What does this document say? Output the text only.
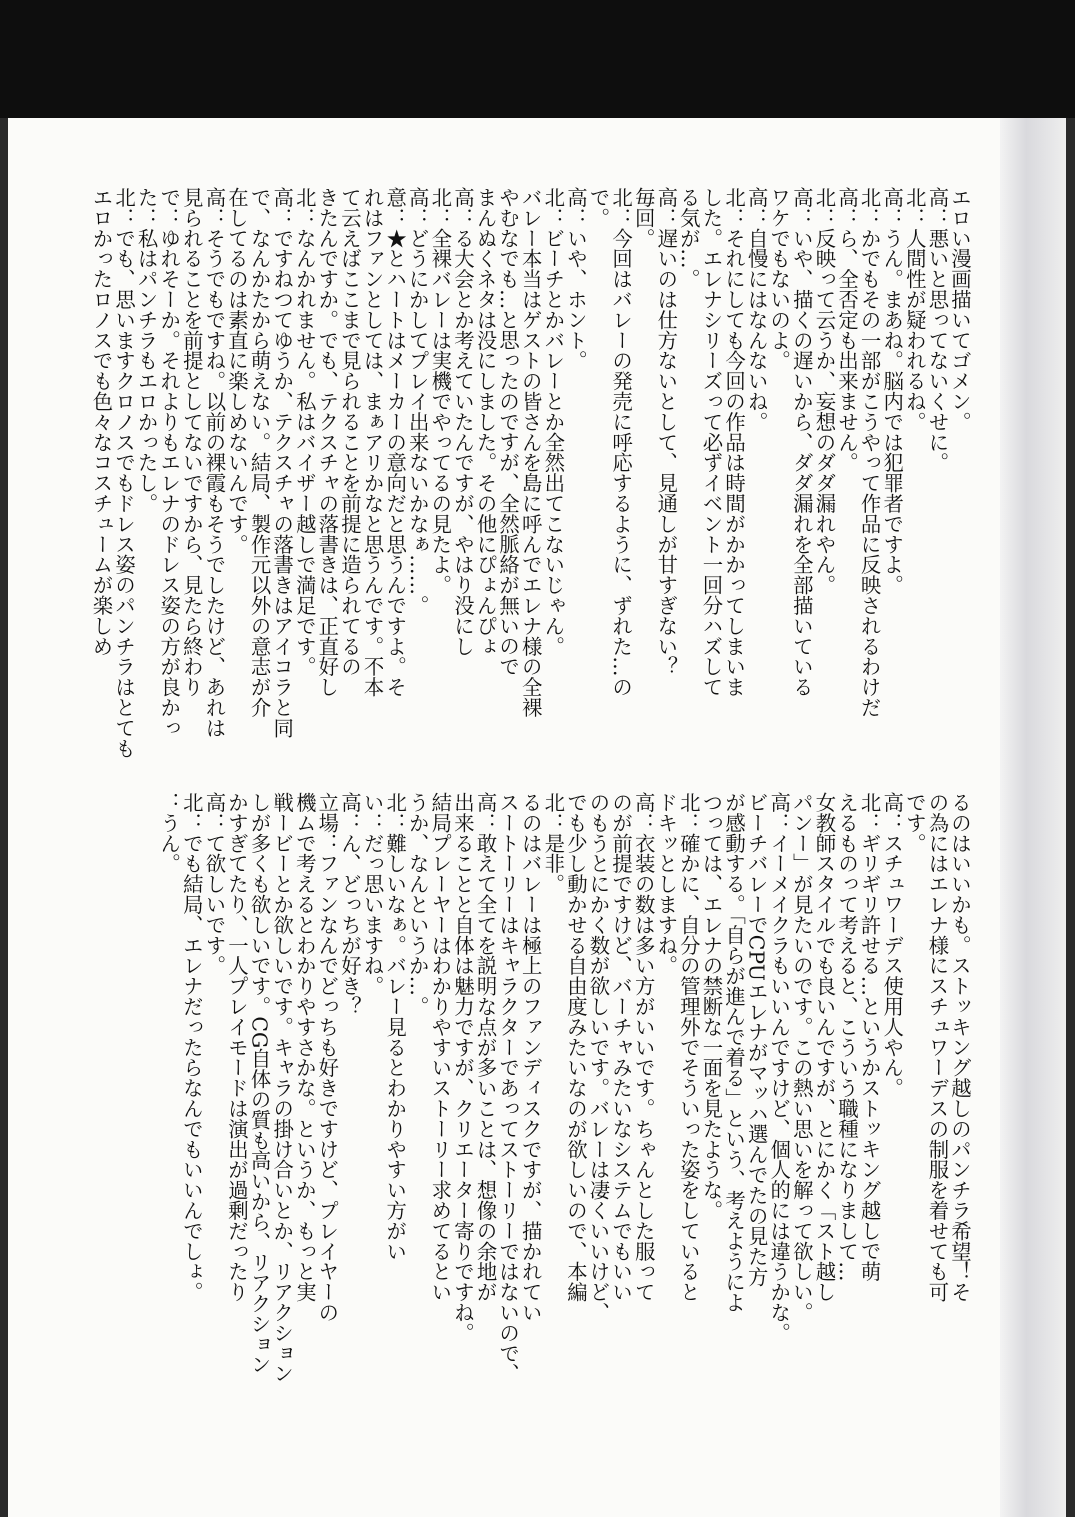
エロい漫画描いてゴメン。
高：悪いと思ってないくせに。
北：人間性が疑われるね。
高：うん。まあね。脳内では犯罪者ですよ。
北：かでもその一部がこうやって作品に反映されるわけだ
高：ら、全否定も出来ません。
北：反映って云うか、妄想のダダ漏れやん。
高：いや、描くの遅いから、ダダ漏れを全部描いている
ワケでもないのよ。
高：自慢にはなんないね。
北：それにしても今回の作品は時間がかかってしまいま
した。エレナシリーズって必ずイベント一回分ハズして
る気が…。
高：遅いのは仕方ないとして、見通しが甘すぎない？
毎回。
北：今回はバレーの発売に呼応するように、ずれた…の
で。
高：いや、ホント。
北：ビーチとかバレーとか全然出てこないじゃん。
バレー本当はゲストの皆さんを島に呼んでエレナ様の全裸
やむなでも…と思ったのですが、全然脈絡が無いので
まんぬくネタは没にしました。その他にぴょんぴょ
高：る大会とか考えていたんですが、やはり没にし
北：全裸バレーは実機でやってるの見たよ。
高：どうにかしてプレイ出来ないかなぁ……。
意：★とハートはメーカーの意向だと思うんですよ。そ
れはファンとしては、まぁアリかなと思うんです。不本
て云えばここまで見られることを前提に造られてるの
きたんですか。でも、テクスチャの落書きは、正直好し
北：なんかれません。私はバイザー越しで満足です。
高：ですねつてゆうか、テクスチャの落書きはアイコラと同
で、なんかたから萌えない。結局、製作元以外の意志が介
在してるのは素直に楽しめないんです。
高：そうでもですね。以前の裸霞もそうでしたけど、あれは
見られることを前提としてないですから、見たら終わり
で：ゆれそーか。それよりもエレナのドレス姿の方が良かっ
た：私はパンチラもエロかったし。
北：でも、思いますクロノスでもドレス姿のパンチラはとても
エロかったロノスでも色々なコスチュームが楽しめ
るのはいいかも。ストッキング越しのパンチラ希望！そ
の為にはエレナ様にスチュワーデスの制服を着せても可
です。
高：スチュワーデス使用人やん。
北：ギリギリ許せる…というかストッキング越しで萌
えるものって考えると、こういう職種になりまして…
女教師スタイルでも良いんですが、とにかく「スト越し
パンー」が見たいのです。この熱い思いを解って欲しい。
高：イーメイクラもいいんですけど、個人的には違うかな。
ビーチバレーでCPUエレナがマッハ選んでたの見た方
が感動する。「自らが進んで着る」という、考えようによ
つっては、エレナの禁断な一面を見たような。
北：確かに、自分の管理外でそういった姿をしていると
ドキッとしますね。
高：衣装の数は多い方がいいです。ちゃんとした服って
のが前提ですけど、バーチャみたいなシステムでもいい
のもうとにかく数が欲しいです。バレーは凄くいいけど、
でも少し動かせる自由度みたいなのが欲しいので、本編
北：是非。
るのはバレーは極上のファンディスクですが、描かれてい
スートーリーはキャラクターであってストーリーではないので、
高：敢えて全てを説明な点が多いことは、想像の余地が
出来ることと自体は魅力ですが、クリエーター寄りですね。
結局プレーヤーはわかりやすいストーリー求めてるとい
うか、なんというか…。
北：難しいなぁ。バレー見るとわかりやすい方がい
い：だっ思いますね。
高：ん、どっちが好き？
立場：ファンなんでどっちも好きですけど、プレイヤーの
機ムで考えるとわかりやすさかな。というか、もっと実
戦ービーとか欲しいです。キャラの掛け合いとか、リアクション
しが多くも欲しいです。CG自体の質も高いから、リアクション
かすぎてたり、一人プレイモードは演出が過剰だったり
高：て欲しいです。
北：でも結局、エレナだったらなんでもいいんでしょ。
：うん。
